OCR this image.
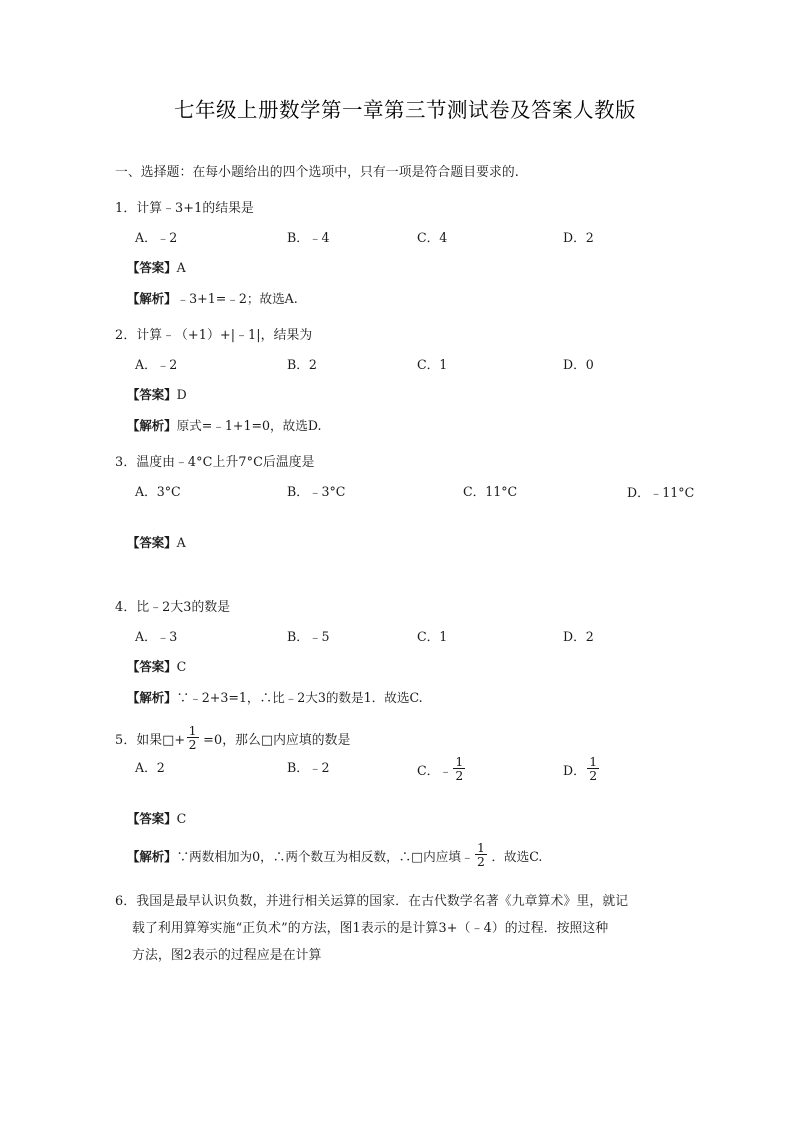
七年级上册数学第一章第三节测试卷及答案人教版
一、选择题：在每小题给出的四个选项中，只有一项是符合题目要求的.
1．计算﹣3+1的结果是
A．﹣2	B．﹣4	C．4	D．2
【答案】A
【解析】﹣3+1=﹣2；故选A.
2．计算﹣（+1）+|﹣1|，结果为
A．﹣2	B．2	C．1	D．0
【答案】D
【解析】原式=﹣1+1=0，故选D.
3．温度由﹣4°C上升7°C后温度是
A．3°C	B．﹣3°C	C．11°C	D．﹣11°C
【答案】A
4．比﹣2大3的数是
A．﹣3	B．﹣5	C．1	D．2
【答案】C
【解析】∵﹣2+3=1，∴比﹣2大3的数是1．故选C.
5．如果□+ $\frac{1}{2} =0$，那么□内应填的数是
A．2	B．﹣2	C．﹣ $\frac{1}{2}$	D． $\frac{1}{2}$
【答案】C
【解析】∵两数相加为0，∴两个数互为相反数，∴□内应填﹣ $\frac{1}{2}$ ．故选C.
6．我国是最早认识负数，并进行相关运算的国家．在古代数学名著《九章算术》里，就记
载了利用算筹实施“正负术”的方法，图1表示的是计算3+（﹣4）的过程．按照这种
方法，图2表示的过程应是在计算
